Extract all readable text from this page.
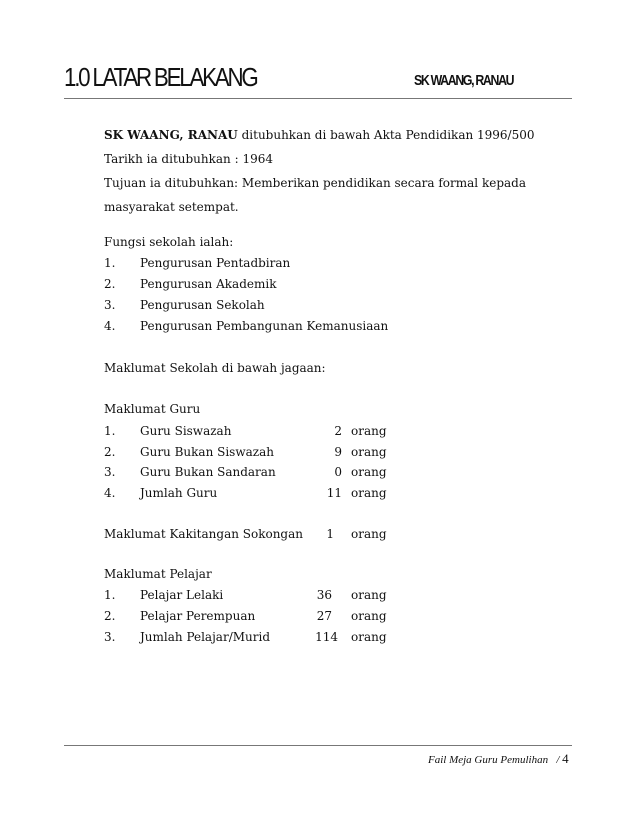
1.0 LATAR BELAKANG	SK WAANG, RANAU
SK WAANG, RANAU ditubuhkan di bawah Akta Pendidikan 1996/500
Tarikh ia ditubuhkan : 1964
Tujuan ia ditubuhkan: Memberikan pendidikan secara formal kepada
masyarakat setempat.
Fungsi sekolah ialah:
1. Pengurusan Pentadbiran
2. Pengurusan Akademik
3. Pengurusan Sekolah
4. Pengurusan Pembangunan Kemanusiaan
Maklumat Sekolah di bawah jagaan:
Maklumat Guru
1. Guru Siswazah	2 orang
2. Guru Bukan Siswazah	9 orang
3. Guru Bukan Sandaran	0 orang
4. Jumlah Guru	11 orang
Maklumat Kakitangan Sokongan	1 orang
Maklumat Pelajar
1. Pelajar Lelaki	36 orang
2. Pelajar Perempuan	27 orang
3. Jumlah Pelajar/Murid	114 orang
Fail Meja Guru Pemulihan / 4
